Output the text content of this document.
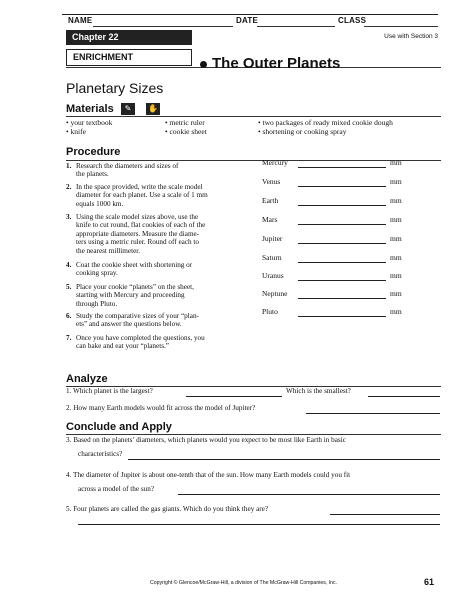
NAME	DATE	CLASS
Chapter 22	Use with Section 3
ENRICHMENT	The Outer Planets
Planetary Sizes
Materials	✎	✋
• your textbook
• knife
• metric ruler
• cookie sheet
• two packages of ready mixed cookie dough
• shortening or cooking spray
Procedure
1. Research the diameters and sizes of
the planets.
2. In the space provided, write the scale model
diameter for each planet. Use a scale of 1 mm
equals 1000 km.
3. Using the scale model sizes above, use the
knife to cut round, flat cookies of each of the
appropriate diameters. Measure the diame-
ters using a metric ruler. Round off each to
the nearest millimeter.
4. Coat the cookie sheet with shortening or
cooking spray.
5. Place your cookie “planets” on the sheet,
starting with Mercury and proceeding
through Pluto.
6. Study the comparative sizes of your “plan-
ets” and answer the questions below.
7. Once you have completed the questions, you
can bake and eat your “planets.”
Mercury	mm
Venus	mm
Earth	mm
Mars	mm
Jupiter	mm
Saturn	mm
Uranus	mm
Neptune	mm
Pluto	mm
Analyze
1. Which planet is the largest?	Which is the smallest?
2. How many Earth models would fit across the model of Jupiter?
Conclude and Apply
3. Based on the planets’ diameters, which planets would you expect to be most like Earth in basic
characteristics?
4. The diameter of Jupiter is about one-tenth that of the sun. How many Earth models could you fit
across a model of the sun?
5. Four planets are called the gas giants. Which do you think they are?
Copyright © Glencoe/McGraw-Hill, a division of The McGraw-Hill Companies, Inc.	61
